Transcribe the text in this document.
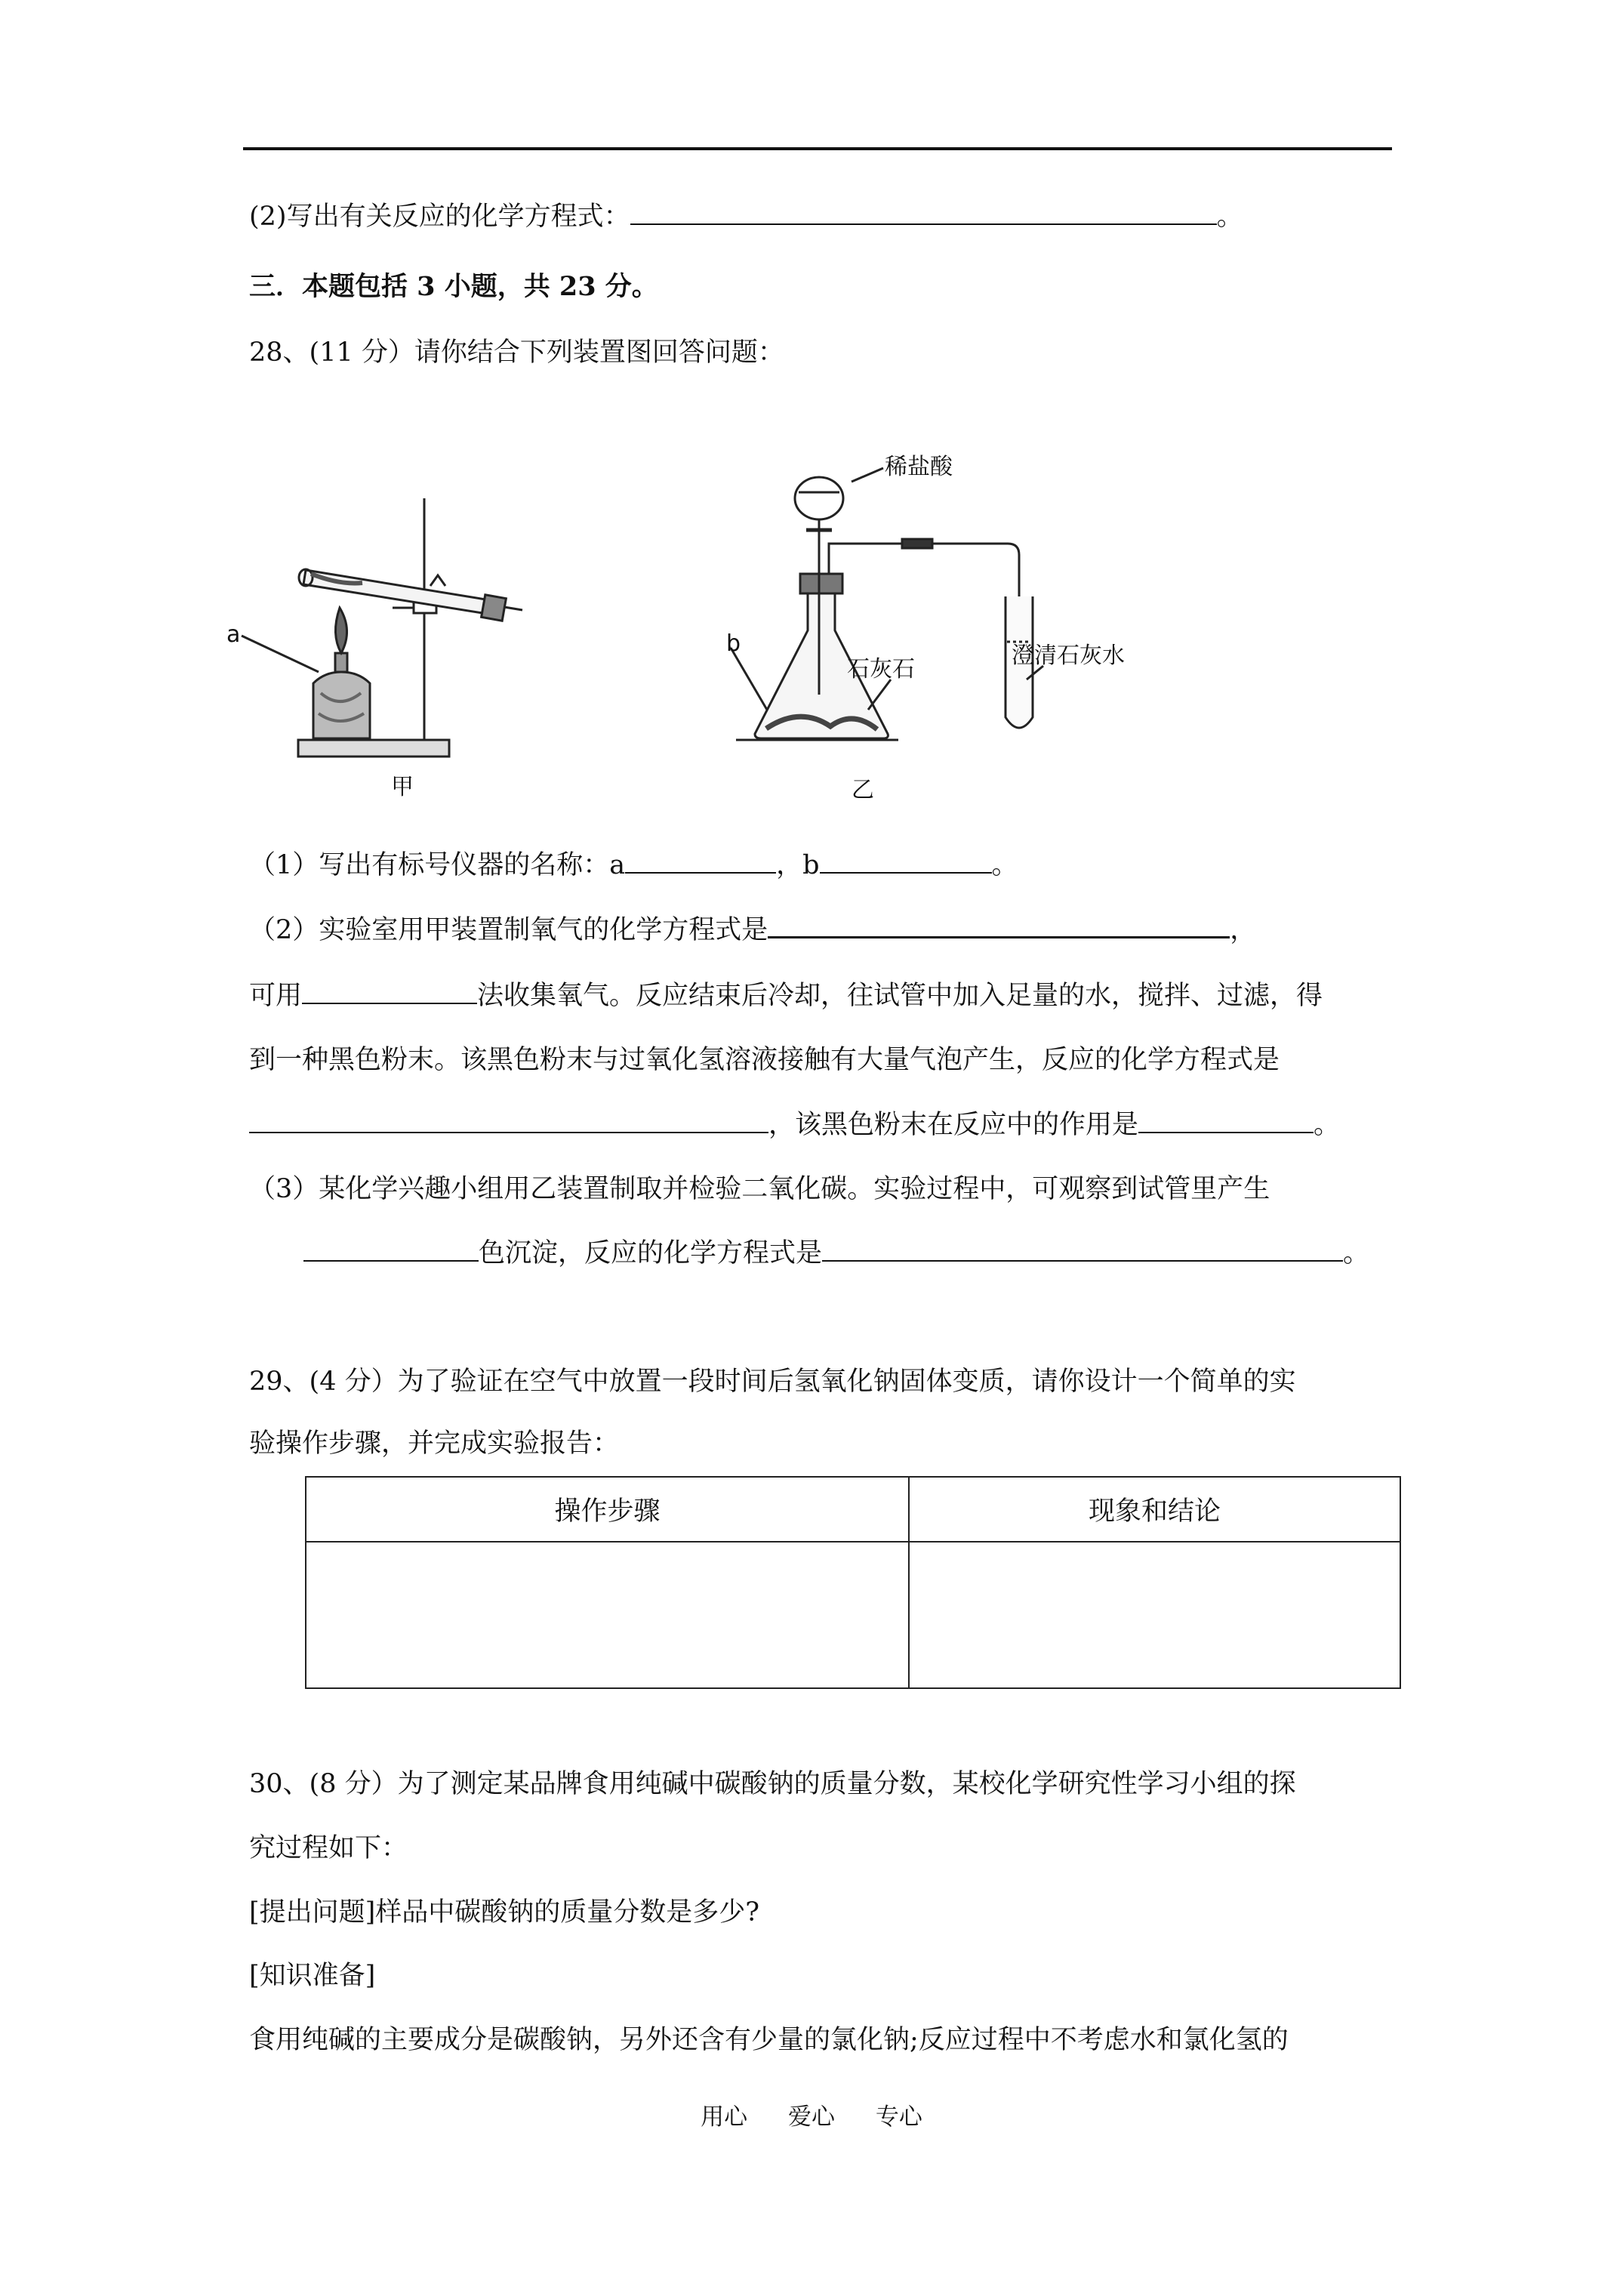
(2)写出有关反应的化学方程式：	。
三．本题包括 3 小题，共 23 分。
28、(11 分）请你结合下列装置图回答问题：
a
甲
稀盐酸
b
石灰石
澄清石灰水
乙
（1）写出有标号仪器的名称：a	，b	。
（2）实验室用甲装置制氧气的化学方程式是	，
可用	法收集氧气。反应结束后冷却，往试管中加入足量的水，搅拌、过滤，得
到一种黑色粉末。该黑色粉末与过氧化氢溶液接触有大量气泡产生，反应的化学方程式是
，该黑色粉末在反应中的作用是	。
（3）某化学兴趣小组用乙装置制取并检验二氧化碳。实验过程中，可观察到试管里产生
色沉淀，反应的化学方程式是	。
29、(4 分）为了验证在空气中放置一段时间后氢氧化钠固体变质，请你设计一个简单的实
验操作步骤，并完成实验报告：
操作步骤	现象和结论

30、(8 分）为了测定某品牌食用纯碱中碳酸钠的质量分数，某校化学研究性学习小组的探
究过程如下：
[提出问题]样品中碳酸钠的质量分数是多少?
[知识准备]
食用纯碱的主要成分是碳酸钠，另外还含有少量的氯化钠;反应过程中不考虑水和氯化氢的
用心 爱心 专心
